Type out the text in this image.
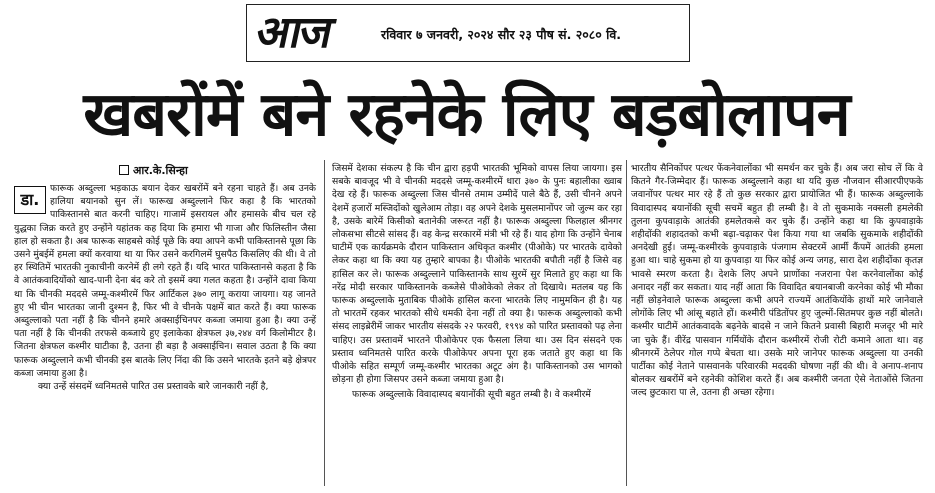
आज	रविवार ७ जनवरी, २०२४ सौर २३ पौष सं. २०८० वि.
खबरोंमें बने रहनेके लिए बड़बोलापन
आर.के.सिन्हा
डा.

फारूक अब्दुल्ला भड़काऊ बयान देकर खबरोंमें बने रहना चाहते हैं। अब उनके हालिया बयानको सुन लें। फारूख अब्दुल्लाने फिर कहा है कि भारतको पाकिस्तानसे बात करनी चाहिए। गाजामें इसरायल और हमासके बीच चल रहे युद्धका जिक्र करते हुए उन्होंने यहांतक कह दिया कि हमारा भी गाजा और फिलिस्तीन जैसा हाल हो सकता है। अब फारूक साहबसे कोई पूछे कि क्या आपने कभी पाकिस्तानसे पूछा कि उसने मुंबईमें हमला क्यों करवाया था या फिर उसने करगिलमें घुसपैठ किसलिए की थी। वे तो हर स्थितिमें भारतकी नुकाचीनी करनेमें ही लगे रहते हैं। यदि भारत पाकिस्तानसे कहता है कि वे आतंकवादियोंको खाद-पानी देना बंद करे तो इसमें क्या गलत कहता है। उन्होंने दावा किया था कि चीनकी मददसे जम्मू-कश्मीरमें फिर आर्टिकल ३७० लागू कराया जायगा। यह जानते हुए भी चीन भारतका जानी दुश्मन है, फिर भी वे चीनके पक्षमें बात करते हैं। क्या फारूक अब्दुल्लाको पता नहीं है कि चीनने हमारे अक्साईचिनपर कब्जा जमाया हुआ है। क्या उन्हें पता नहीं है कि चीनकी तरफसे कब्जाये हुए इलाकेका क्षेत्रफल ३७,२४४ वर्ग किलोमीटर है। जितना क्षेत्रफल कश्मीर घाटीका है, उतना ही बड़ा है अक्साईचिन। सवाल उठता है कि क्या फारूक अब्दुल्लाने कभी चीनकी इस बातके लिए निंदा की कि उसने भारतके इतने बड़े क्षेत्रपर कब्जा जमाया हुआ है।

क्या उन्हें संसदमें ध्वनिमतसे पारित उस प्रस्तावके बारे जानकारी नहीं है,

जिसमें देशका संकल्प है कि चीन द्वारा हड़पी भारतकी भूमिको वापस लिया जायगा। इस सबके बावजूद भी वे चीनकी मददसे जम्मू-कश्मीरमें धारा ३७० के पुनः बहालीका ख्वाब देख रहे हैं। फारूक अब्दुल्ला जिस चीनसे तमाम उम्मीदें पाले बैठे हैं, उसी चीनने अपने देशमें हजारों मस्जिदोंको खुलेआम तोड़ा। वह अपने देशके मुसलमानोंपर जो जुल्म कर रहा है, उसके बारेमें किसीको बतानेकी जरूरत नहीं है। फारूक अब्दुल्ला फिलहाल श्रीनगर लोकसभा सीटसे सांसद हैं। वह केन्द्र सरकारमें मंत्री भी रहे हैं। याद होगा कि उन्होंने चेनाब घाटीमें एक कार्यक्रमके दौरान पाकिस्तान अधिकृत कश्मीर (पीओके) पर भारतके दावेको लेकर कहा था कि क्या यह तुम्हारे बापका है। पीओके भारतकी बपौती नहीं है जिसे वह हासिल कर ले। फारूक अब्दुल्लाने पाकिस्तानके साथ सुरमें सुर मिलाते हुए कहा था कि नरेंद्र मोदी सरकार पाकिस्तानके कब्जेसे पीओकेको लेकर तो दिखाये। मतलब यह कि फारूक अब्दुल्लाके मुताबिक पीओके हासिल करना भारतके लिए नामुमकिन ही है। यह तो भारतमें रहकर भारतको सीधे धमकी देना नहीं तो क्या है। फारूक अब्दुल्लाको कभी संसद लाइब्रेरीमें जाकर भारतीय संसदके २२ फरवरी, १९९४ को पारित प्रस्तावको पढ़ लेना चाहिए। उस प्रस्तावमें भारतने पीओकेपर एक फैसला लिया था। उस दिन संसदने एक प्रस्ताव ध्वनिमतसे पारित करके पीओकेपर अपना पूरा हक जताते हुए कहा था कि पीओके सहित सम्पूर्ण जम्मू-कश्मीर भारतका अटूट अंग है। पाकिस्तानको उस भागको छोड़ना ही होगा जिसपर उसने कब्जा जमाया हुआ है।

फारूक अब्दुल्लाके विवादास्पद बयानोंकी सूची बहुत लम्बी है। वे कश्मीरमें

भारतीय सैनिकोंपर पत्थर फेंकनेवालोंका भी समर्थन कर चुके हैं। अब जरा सोच लें कि वे कितने गैर-जिम्मेदार हैं। फारूक अब्दुल्लाने कहा था यदि कुछ नौजवान सीआरपीएफके जवानोंपर पत्थर मार रहे हैं तो कुछ सरकार द्वारा प्रायोजित भी हैं। फारूक अब्दुल्लाके विवादास्पद बयानोंकी सूची सचमें बहुत ही लम्बी है। वे तो सुकमाके नक्सली हमलेकी तुलना कुपवाड़ाके आतंकी हमलेतकसे कर चुके हैं। उन्होंने कहा था कि कुपवाड़ाके शहीदोंकी शहादतको कभी बढ़ा-चढ़ाकर पेश किया गया था जबकि सुकमाके शहीदोंकी अनदेखी हुई। जम्मू-कश्मीरके कुपवाड़ाके पंजगाम सेक्टरमें आर्मी कैंपमें आतंकी हमला हुआ था। चाहे सुकमा हो या कुपवाड़ा या फिर कोई अन्य जगह, सारा देश शहीदोंका कृतज्ञ भावसे स्मरण करता है। देशके लिए अपने प्राणोंका नजराना पेश करनेवालोंका कोई अनादर नहीं कर सकता। याद नहीं आता कि विवादित बयानबाजी करनेका कोई भी मौका नहीं छोड़नेवाले फारूक अब्दुल्ला कभी अपने राज्यमें आतंकियोंके हाथों मारे जानेवाले लोगोंके लिए भी आंसू बहाते हों। कश्मीरी पंडितोंपर हुए जुल्मों-सितमपर कुछ नहीं बोलते। कश्मीर घाटीमें आतंकवादके बढ़नेके बादसे न जाने कितने प्रवासी बिहारी मजदूर भी मारे जा चुके हैं। वीरेंद्र पासवान गर्मियोंके दौरान कश्मीरमें रोजी रोटी कमाने आता था। वह श्रीनगरमें ठेलेपर गोल गप्पे बेचता था। उसके मारे जानेपर फारूक अब्दुल्ला या उनकी पार्टीका कोई नेताने पासवानके परिवारकी मददकी घोषणा नहीं की थी। वे अनाप-शनाप बोलकर खबरोंमें बने रहनेकी कोशिश करते हैं। अब कश्मीरी जनता ऐसे नेताओंसे जितना जल्द छुटकारा पा ले, उतना ही अच्छा रहेगा।
